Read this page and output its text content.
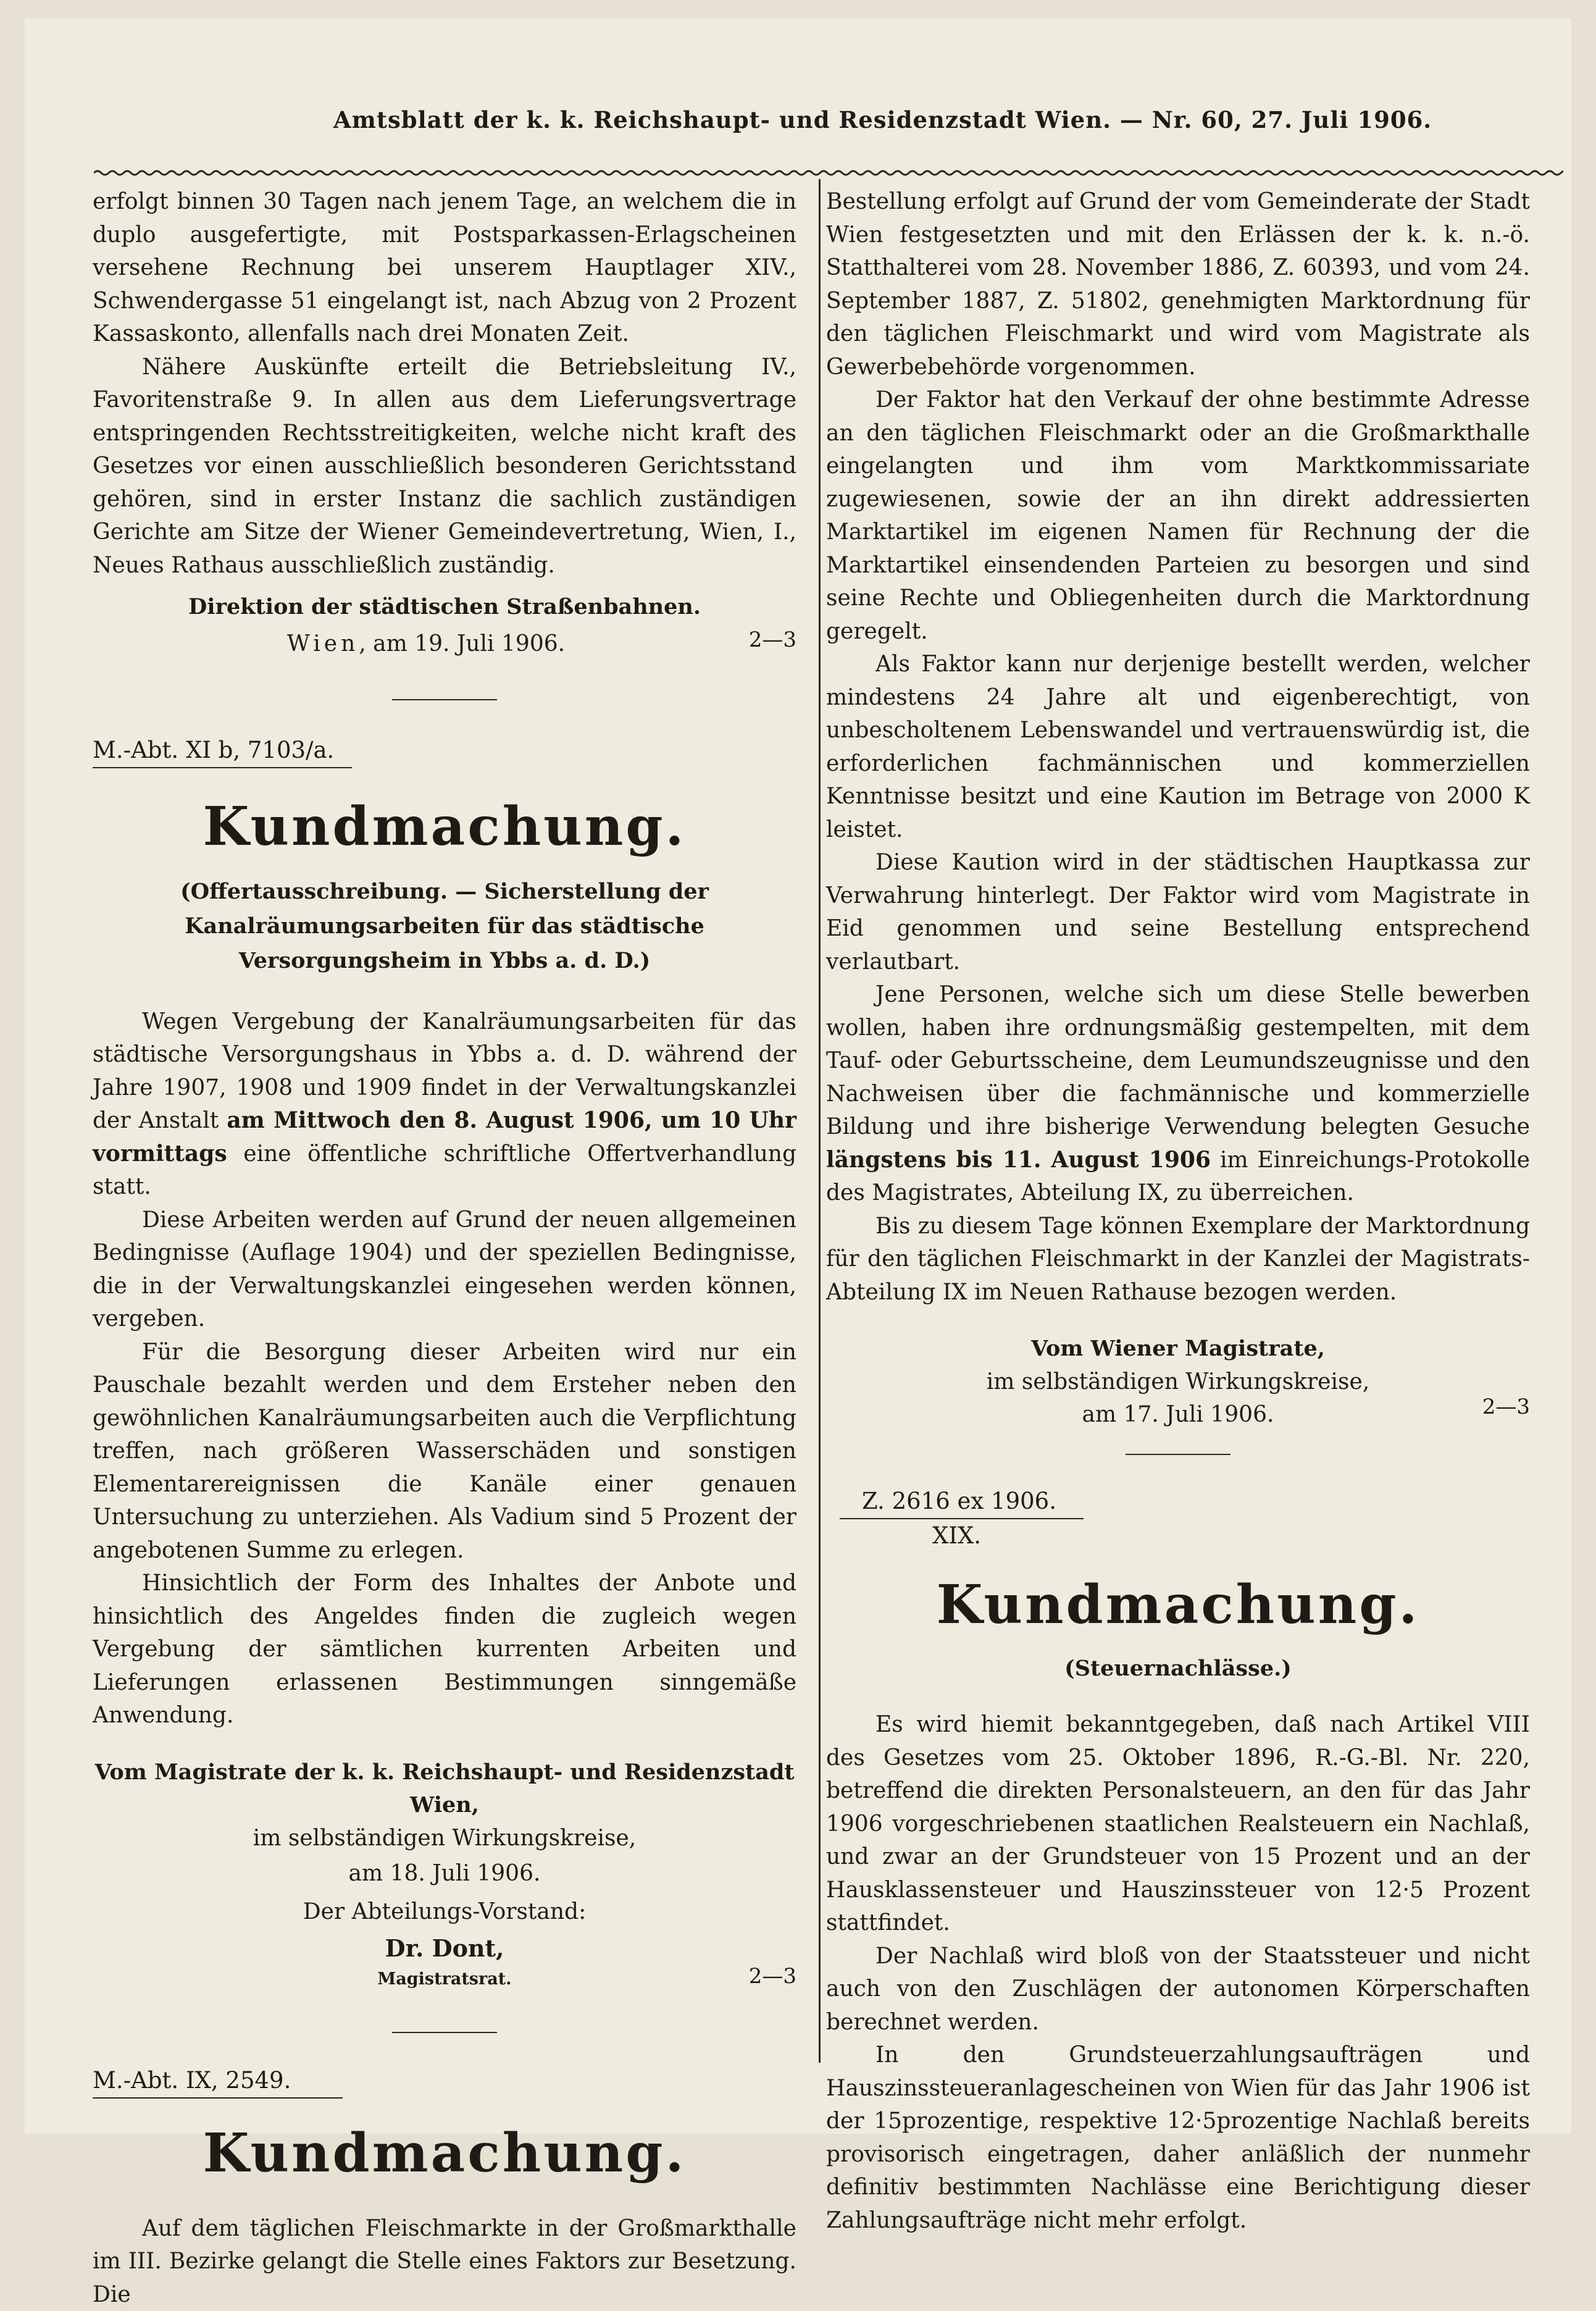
Amtsblatt der k. k. Reichshaupt- und Residenzstadt Wien. — Nr. 60, 27. Juli 1906.

erfolgt binnen 30 Tagen nach jenem Tage, an welchem die in duplo ausgefertigte, mit Postsparkassen-Erlagscheinen versehene Rechnung bei unserem Hauptlager XIV., Schwendergasse 51 eingelangt ist, nach Abzug von 2 Prozent Kassaskonto, allenfalls nach drei Monaten Zeit.

Nähere Auskünfte erteilt die Betriebsleitung IV., Favoritenstraße 9. In allen aus dem Lieferungsvertrage entspringenden Rechtsstreitigkeiten, welche nicht kraft des Gesetzes vor einen ausschließlich besonderen Gerichtsstand gehören, sind in erster Instanz die sachlich zuständigen Gerichte am Sitze der Wiener Gemeindevertretung, Wien, I., Neues Rathaus ausschließlich zuständig.

Direktion der städtischen Straßenbahnen.

Wien, am 19. Juli 1906.	2—3
M.-Abt. XI b, 7103/a.
Kundmachung.

(Offertausschreibung. — Sicherstellung der Kanalräumungsarbeiten für das städtische Versorgungsheim in Ybbs a. d. D.)

Wegen Vergebung der Kanalräumungsarbeiten für das städtische Versorgungshaus in Ybbs a. d. D. während der Jahre 1907, 1908 und 1909 findet in der Verwaltungskanzlei der Anstalt am Mittwoch den 8. August 1906, um 10 Uhr vormittags eine öffentliche schriftliche Offertverhandlung statt.

Diese Arbeiten werden auf Grund der neuen allgemeinen Bedingnisse (Auflage 1904) und der speziellen Bedingnisse, die in der Verwaltungskanzlei eingesehen werden können, vergeben.

Für die Besorgung dieser Arbeiten wird nur ein Pauschale bezahlt werden und dem Ersteher neben den gewöhnlichen Kanalräumungsarbeiten auch die Verpflichtung treffen, nach größeren Wasserschäden und sonstigen Elementarereignissen die Kanäle einer genauen Untersuchung zu unterziehen. Als Vadium sind 5 Prozent der angebotenen Summe zu erlegen.

Hinsichtlich der Form des Inhaltes der Anbote und hinsichtlich des Angeldes finden die zugleich wegen Vergebung der sämtlichen kurrenten Arbeiten und Lieferungen erlassenen Bestimmungen sinngemäße Anwendung.

Vom Magistrate der k. k. Reichshaupt- und Residenzstadt Wien,

im selbständigen Wirkungskreise,

am 18. Juli 1906.

Der Abteilungs-Vorstand:

Dr. Dont,

Magistratsrat.	2—3
M.-Abt. IX, 2549.
Kundmachung.

Auf dem täglichen Fleischmarkte in der Großmarkthalle im III. Bezirke gelangt die Stelle eines Faktors zur Besetzung. Die

Bestellung erfolgt auf Grund der vom Gemeinderate der Stadt Wien festgesetzten und mit den Erlässen der k. k. n.-ö. Statthalterei vom 28. November 1886, Z. 60393, und vom 24. September 1887, Z. 51802, genehmigten Marktordnung für den täglichen Fleischmarkt und wird vom Magistrate als Gewerbebehörde vorgenommen.

Der Faktor hat den Verkauf der ohne bestimmte Adresse an den täglichen Fleischmarkt oder an die Großmarkthalle eingelangten und ihm vom Marktkommissariate zugewiesenen, sowie der an ihn direkt addressierten Marktartikel im eigenen Namen für Rechnung der die Marktartikel einsendenden Parteien zu besorgen und sind seine Rechte und Obliegenheiten durch die Marktordnung geregelt.

Als Faktor kann nur derjenige bestellt werden, welcher mindestens 24 Jahre alt und eigenberechtigt, von unbescholtenem Lebenswandel und vertrauenswürdig ist, die erforderlichen fachmännischen und kommerziellen Kenntnisse besitzt und eine Kaution im Betrage von 2000 K leistet.

Diese Kaution wird in der städtischen Hauptkassa zur Verwahrung hinterlegt. Der Faktor wird vom Magistrate in Eid genommen und seine Bestellung entsprechend verlautbart.

Jene Personen, welche sich um diese Stelle bewerben wollen, haben ihre ordnungsmäßig gestempelten, mit dem Tauf- oder Geburtsscheine, dem Leumundszeugnisse und den Nachweisen über die fachmännische und kommerzielle Bildung und ihre bisherige Verwendung belegten Gesuche längstens bis 11. August 1906 im Einreichungs-Protokolle des Magistrates, Abteilung IX, zu überreichen.

Bis zu diesem Tage können Exemplare der Marktordnung für den täglichen Fleischmarkt in der Kanzlei der Magistrats-Abteilung IX im Neuen Rathause bezogen werden.

Vom Wiener Magistrate,

im selbständigen Wirkungskreise,

am 17. Juli 1906.	2—3
Z. 2616 ex 1906.
XIX.
Kundmachung.

(Steuernachlässe.)

Es wird hiemit bekanntgegeben, daß nach Artikel VIII des Gesetzes vom 25. Oktober 1896, R.-G.-Bl. Nr. 220, betreffend die direkten Personalsteuern, an den für das Jahr 1906 vorgeschriebenen staatlichen Realsteuern ein Nachlaß, und zwar an der Grundsteuer von 15 Prozent und an der Hausklassensteuer und Hauszinssteuer von 12·5 Prozent stattfindet.

Der Nachlaß wird bloß von der Staatssteuer und nicht auch von den Zuschlägen der autonomen Körperschaften berechnet werden.

In den Grundsteuerzahlungsaufträgen und Hauszinssteueranlagescheinen von Wien für das Jahr 1906 ist der 15prozentige, respektive 12·5prozentige Nachlaß bereits provisorisch eingetragen, daher anläßlich der nunmehr definitiv bestimmten Nachlässe eine Berichtigung dieser Zahlungsaufträge nicht mehr erfolgt.
